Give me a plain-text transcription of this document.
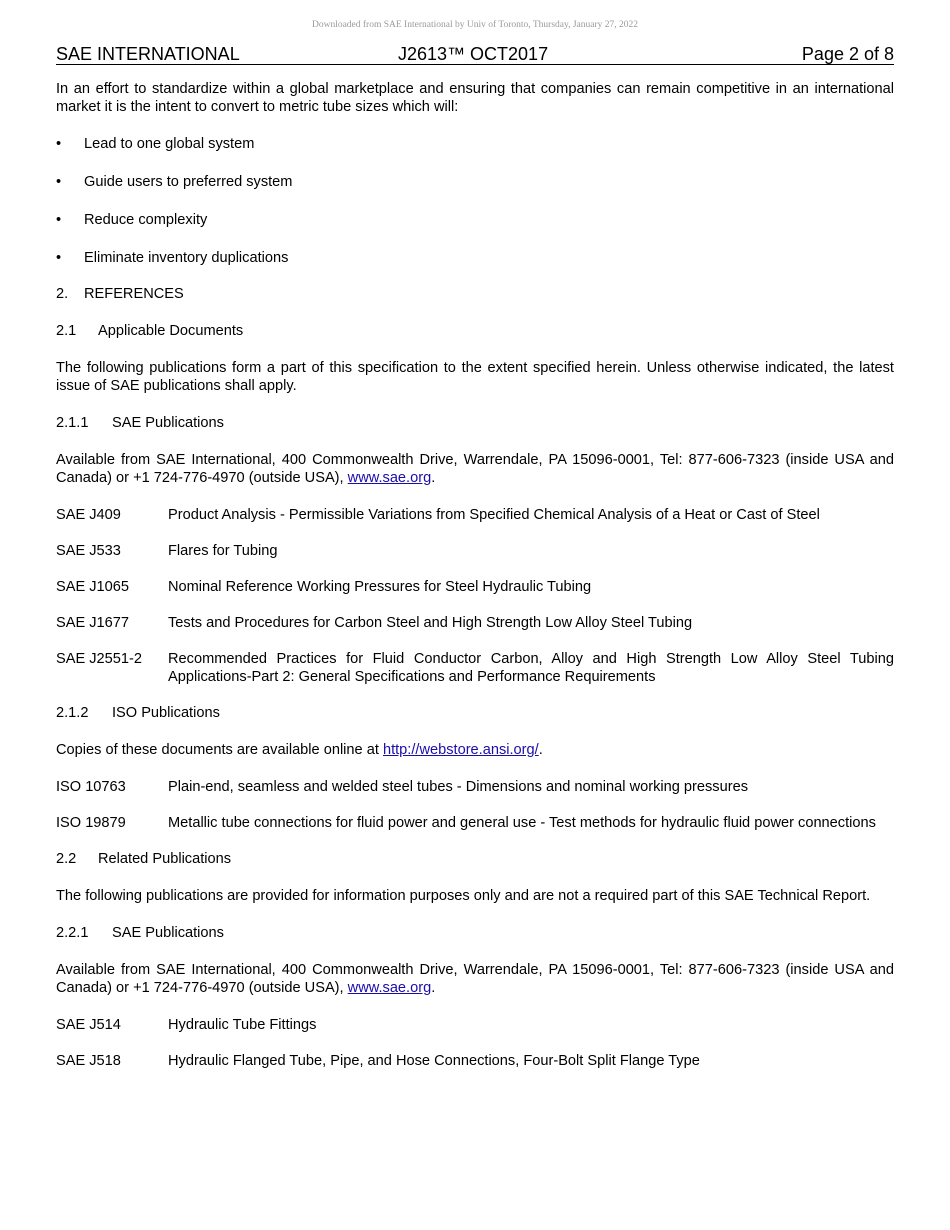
Downloaded from SAE International by Univ of Toronto, Thursday, January 27, 2022
SAE INTERNATIONAL	J2613™ OCT2017	Page 2 of 8

In an effort to standardize within a global marketplace and ensuring that companies can remain competitive in an international market it is the intent to convert to metric tube sizes which will:

•	Lead to one global system
•	Guide users to preferred system
•	Reduce complexity
•	Eliminate inventory duplications
2.	REFERENCES
2.1	Applicable Documents

The following publications form a part of this specification to the extent specified herein. Unless otherwise indicated, the latest issue of SAE publications shall apply.

2.1.1	SAE Publications

Available from SAE International, 400 Commonwealth Drive, Warrendale, PA 15096-0001, Tel: 877-606-7323 (inside USA and Canada) or +1 724-776-4970 (outside USA), www.sae.org.

SAE J409	Product Analysis - Permissible Variations from Specified Chemical Analysis of a Heat or Cast of Steel
SAE J533	Flares for Tubing
SAE J1065	Nominal Reference Working Pressures for Steel Hydraulic Tubing
SAE J1677	Tests and Procedures for Carbon Steel and High Strength Low Alloy Steel Tubing
SAE J2551-2	Recommended Practices for Fluid Conductor Carbon, Alloy and High Strength Low Alloy Steel Tubing Applications-Part 2: General Specifications and Performance Requirements
2.1.2	ISO Publications

Copies of these documents are available online at http://webstore.ansi.org/.

ISO 10763	Plain-end, seamless and welded steel tubes - Dimensions and nominal working pressures
ISO 19879	Metallic tube connections for fluid power and general use - Test methods for hydraulic fluid power connections
2.2	Related Publications

The following publications are provided for information purposes only and are not a required part of this SAE Technical Report.

2.2.1	SAE Publications

Available from SAE International, 400 Commonwealth Drive, Warrendale, PA 15096-0001, Tel: 877-606-7323 (inside USA and Canada) or +1 724-776-4970 (outside USA), www.sae.org.

SAE J514	Hydraulic Tube Fittings
SAE J518	Hydraulic Flanged Tube, Pipe, and Hose Connections, Four-Bolt Split Flange Type
